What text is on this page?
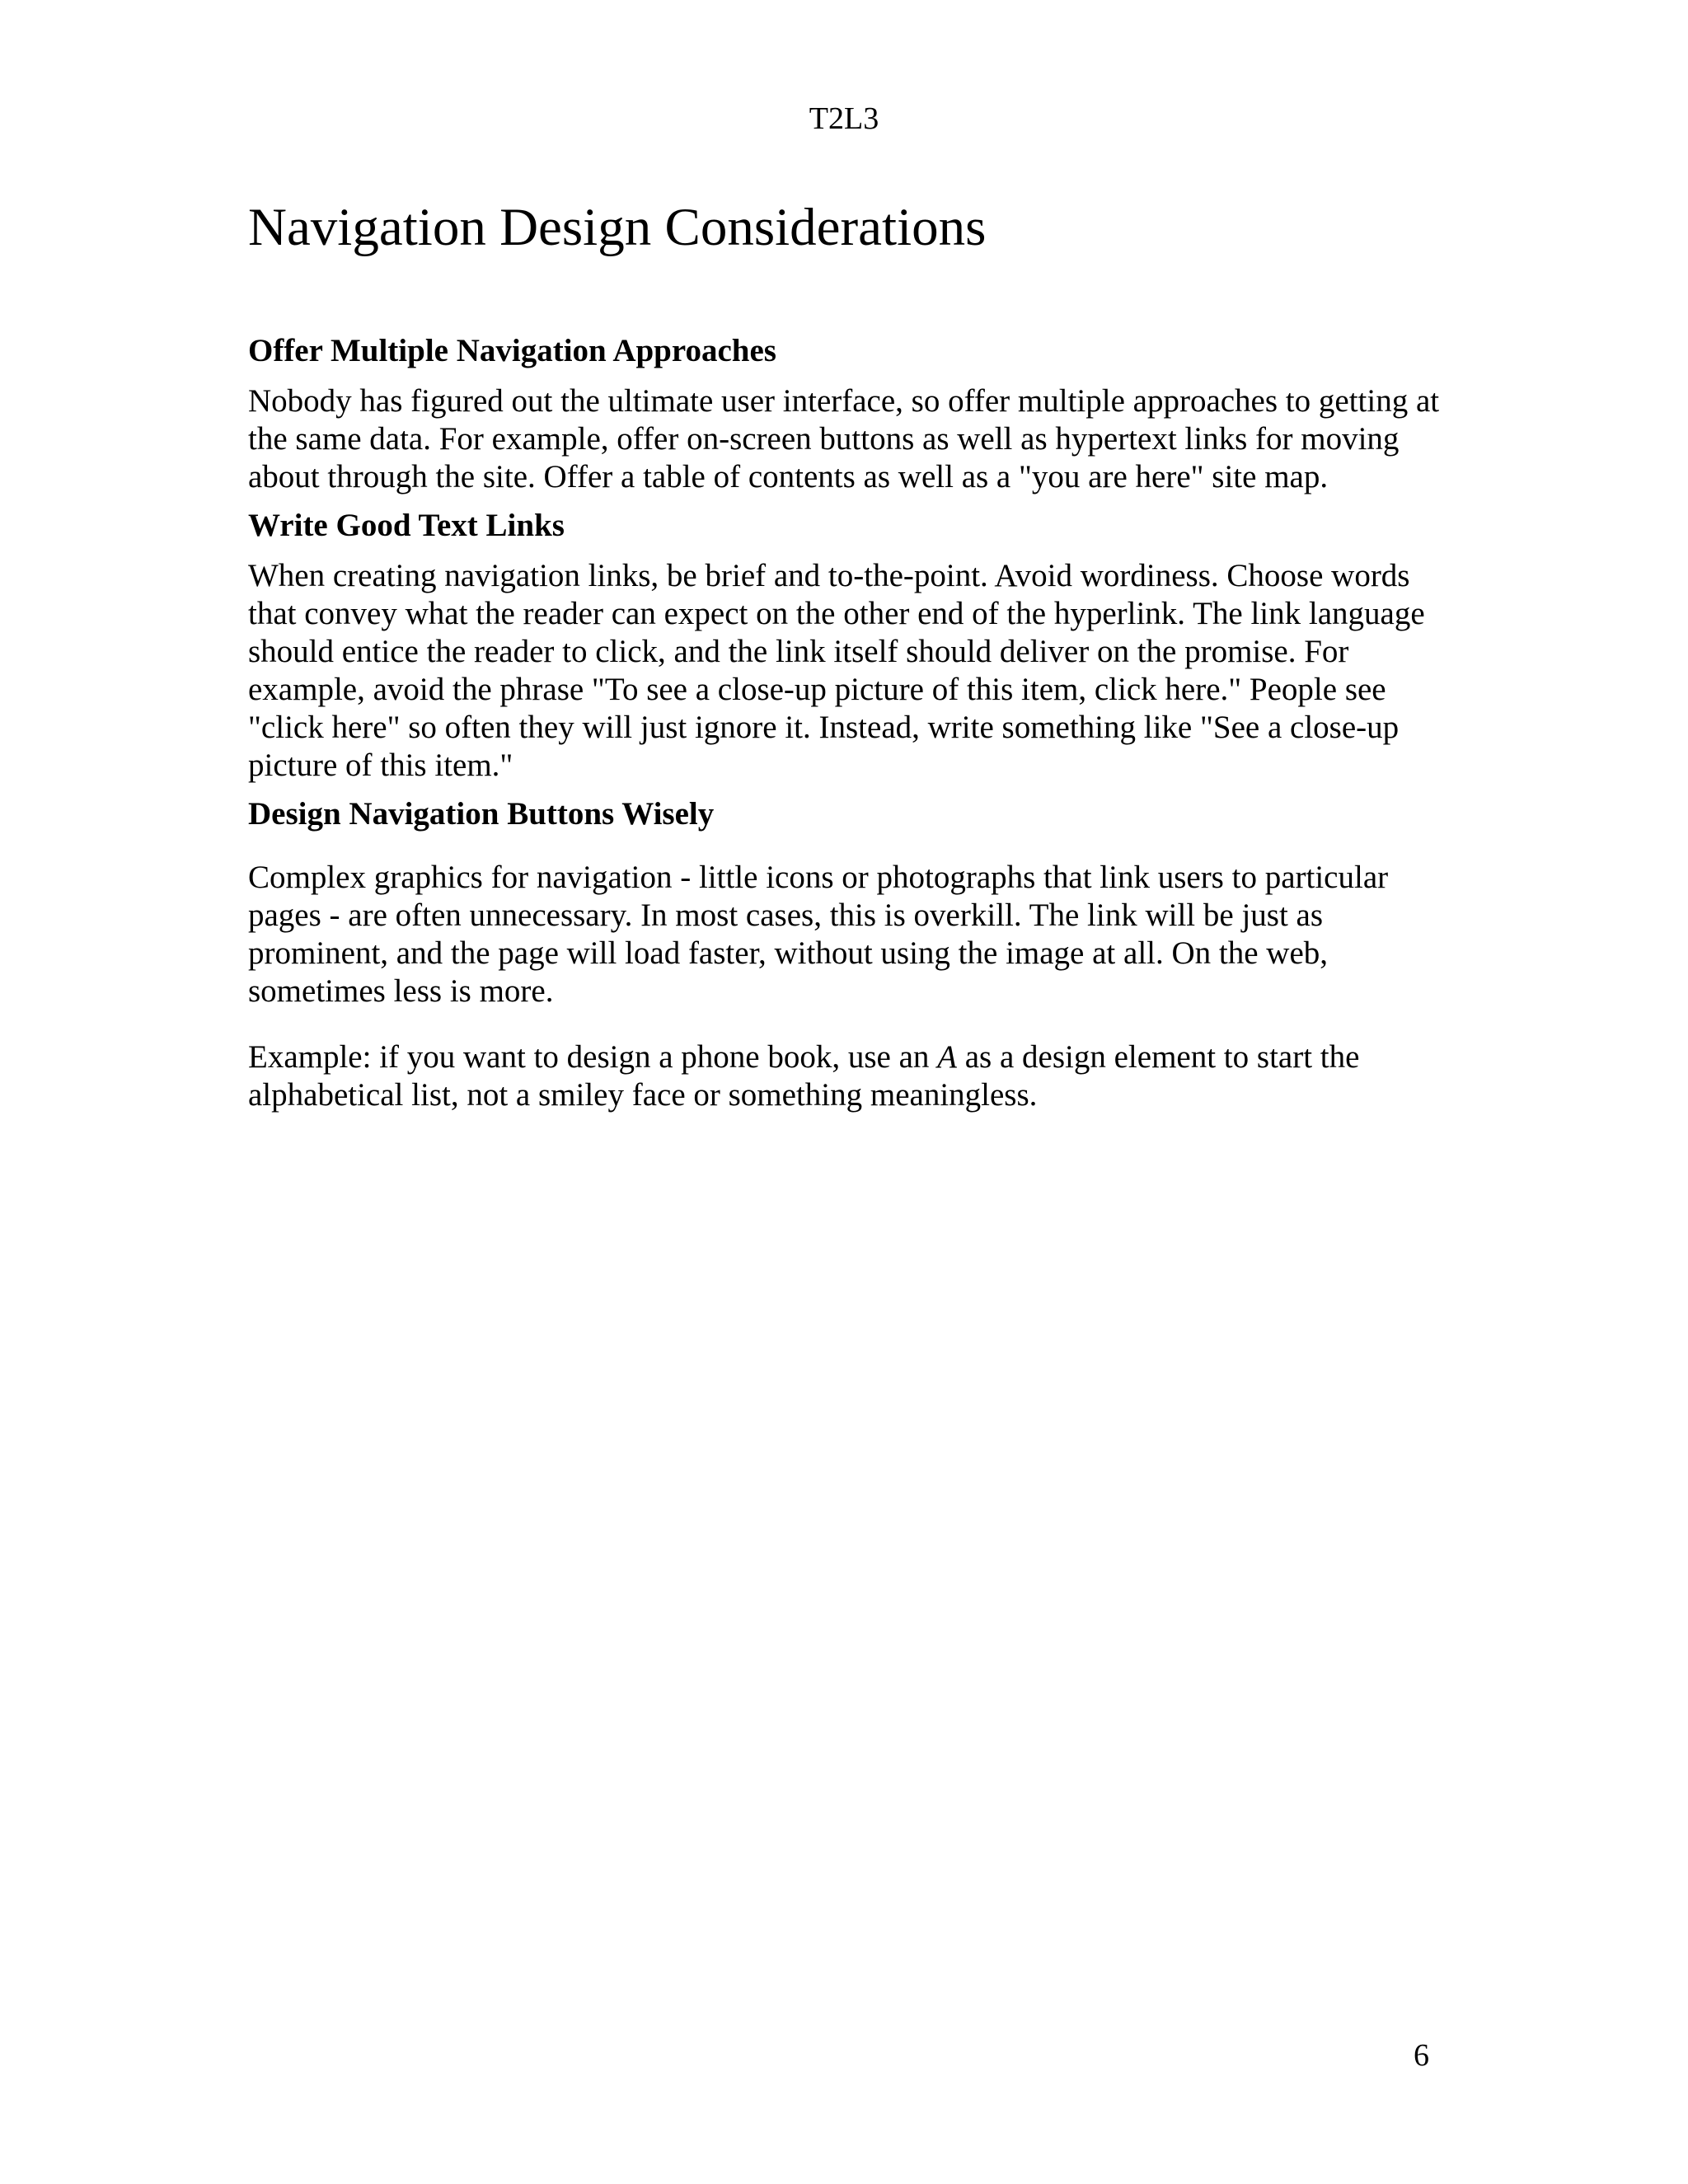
T2L3
Navigation Design Considerations
Offer Multiple Navigation Approaches

Nobody has figured out the ultimate user interface, so offer multiple approaches to getting at the same data. For example, offer on-screen buttons as well as hypertext links for moving about through the site. Offer a table of contents as well as a "you are here" site map.

Write Good Text Links

When creating navigation links, be brief and to-the-point. Avoid wordiness. Choose words that convey what the reader can expect on the other end of the hyperlink. The link language should entice the reader to click, and the link itself should deliver on the promise. For example, avoid the phrase "To see a close-up picture of this item, click here." People see "click here" so often they will just ignore it. Instead, write something like "See a close-up picture of this item."

Design Navigation Buttons Wisely

Complex graphics for navigation - little icons or photographs that link users to particular pages - are often unnecessary. In most cases, this is overkill. The link will be just as prominent, and the page will load faster, without using the image at all. On the web, sometimes less is more.

Example: if you want to design a phone book, use an A as a design element to start the alphabetical list, not a smiley face or something meaningless.

6
